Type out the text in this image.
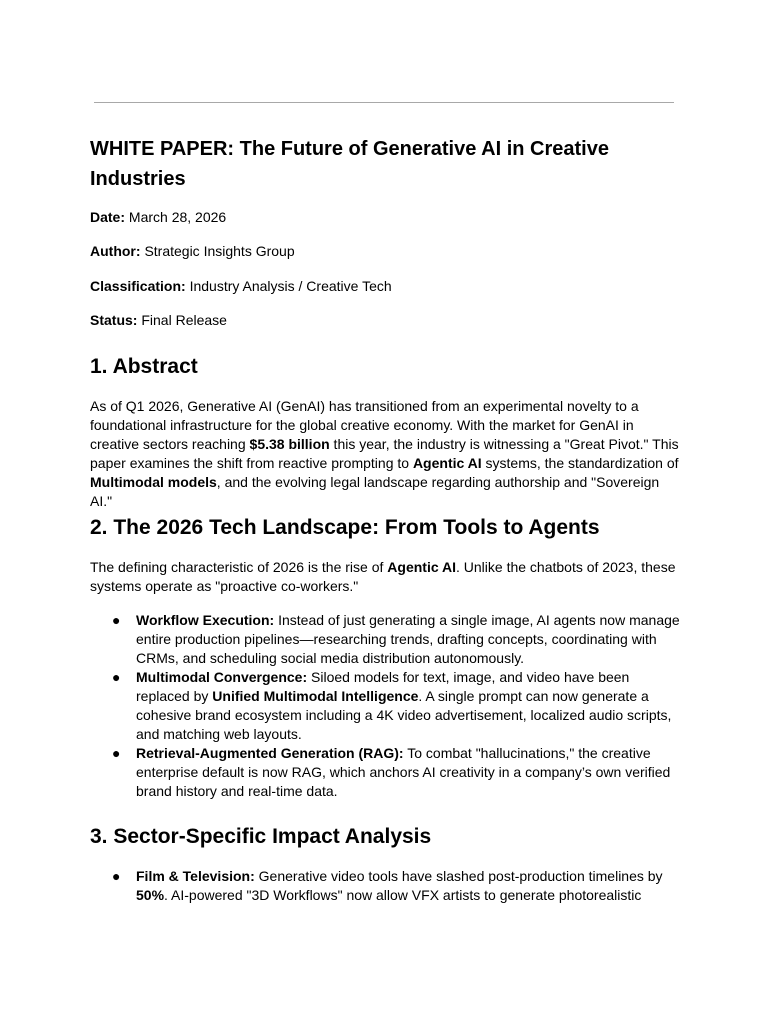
WHITE PAPER: The Future of Generative AI in Creative Industries

Date: March 28, 2026

Author: Strategic Insights Group

Classification: Industry Analysis / Creative Tech

Status: Final Release

1. Abstract

As of Q1 2026, Generative AI (GenAI) has transitioned from an experimental novelty to a foundational infrastructure for the global creative economy. With the market for GenAI in creative sectors reaching $5.38 billion this year, the industry is witnessing a "Great Pivot." This paper examines the shift from reactive prompting to Agentic AI systems, the standardization of Multimodal models, and the evolving legal landscape regarding authorship and "Sovereign AI."

2. The 2026 Tech Landscape: From Tools to Agents

The defining characteristic of 2026 is the rise of Agentic AI. Unlike the chatbots of 2023, these systems operate as "proactive co-workers."

● Workflow Execution: Instead of just generating a single image, AI agents now manage entire production pipelines—researching trends, drafting concepts, coordinating with CRMs, and scheduling social media distribution autonomously.
● Multimodal Convergence: Siloed models for text, image, and video have been replaced by Unified Multimodal Intelligence. A single prompt can now generate a cohesive brand ecosystem including a 4K video advertisement, localized audio scripts, and matching web layouts.
● Retrieval-Augmented Generation (RAG): To combat "hallucinations," the creative enterprise default is now RAG, which anchors AI creativity in a company’s own verified brand history and real-time data.
3. Sector-Specific Impact Analysis
● Film & Television: Generative video tools have slashed post-production timelines by 50%. AI-powered "3D Workflows" now allow VFX artists to generate photorealistic
